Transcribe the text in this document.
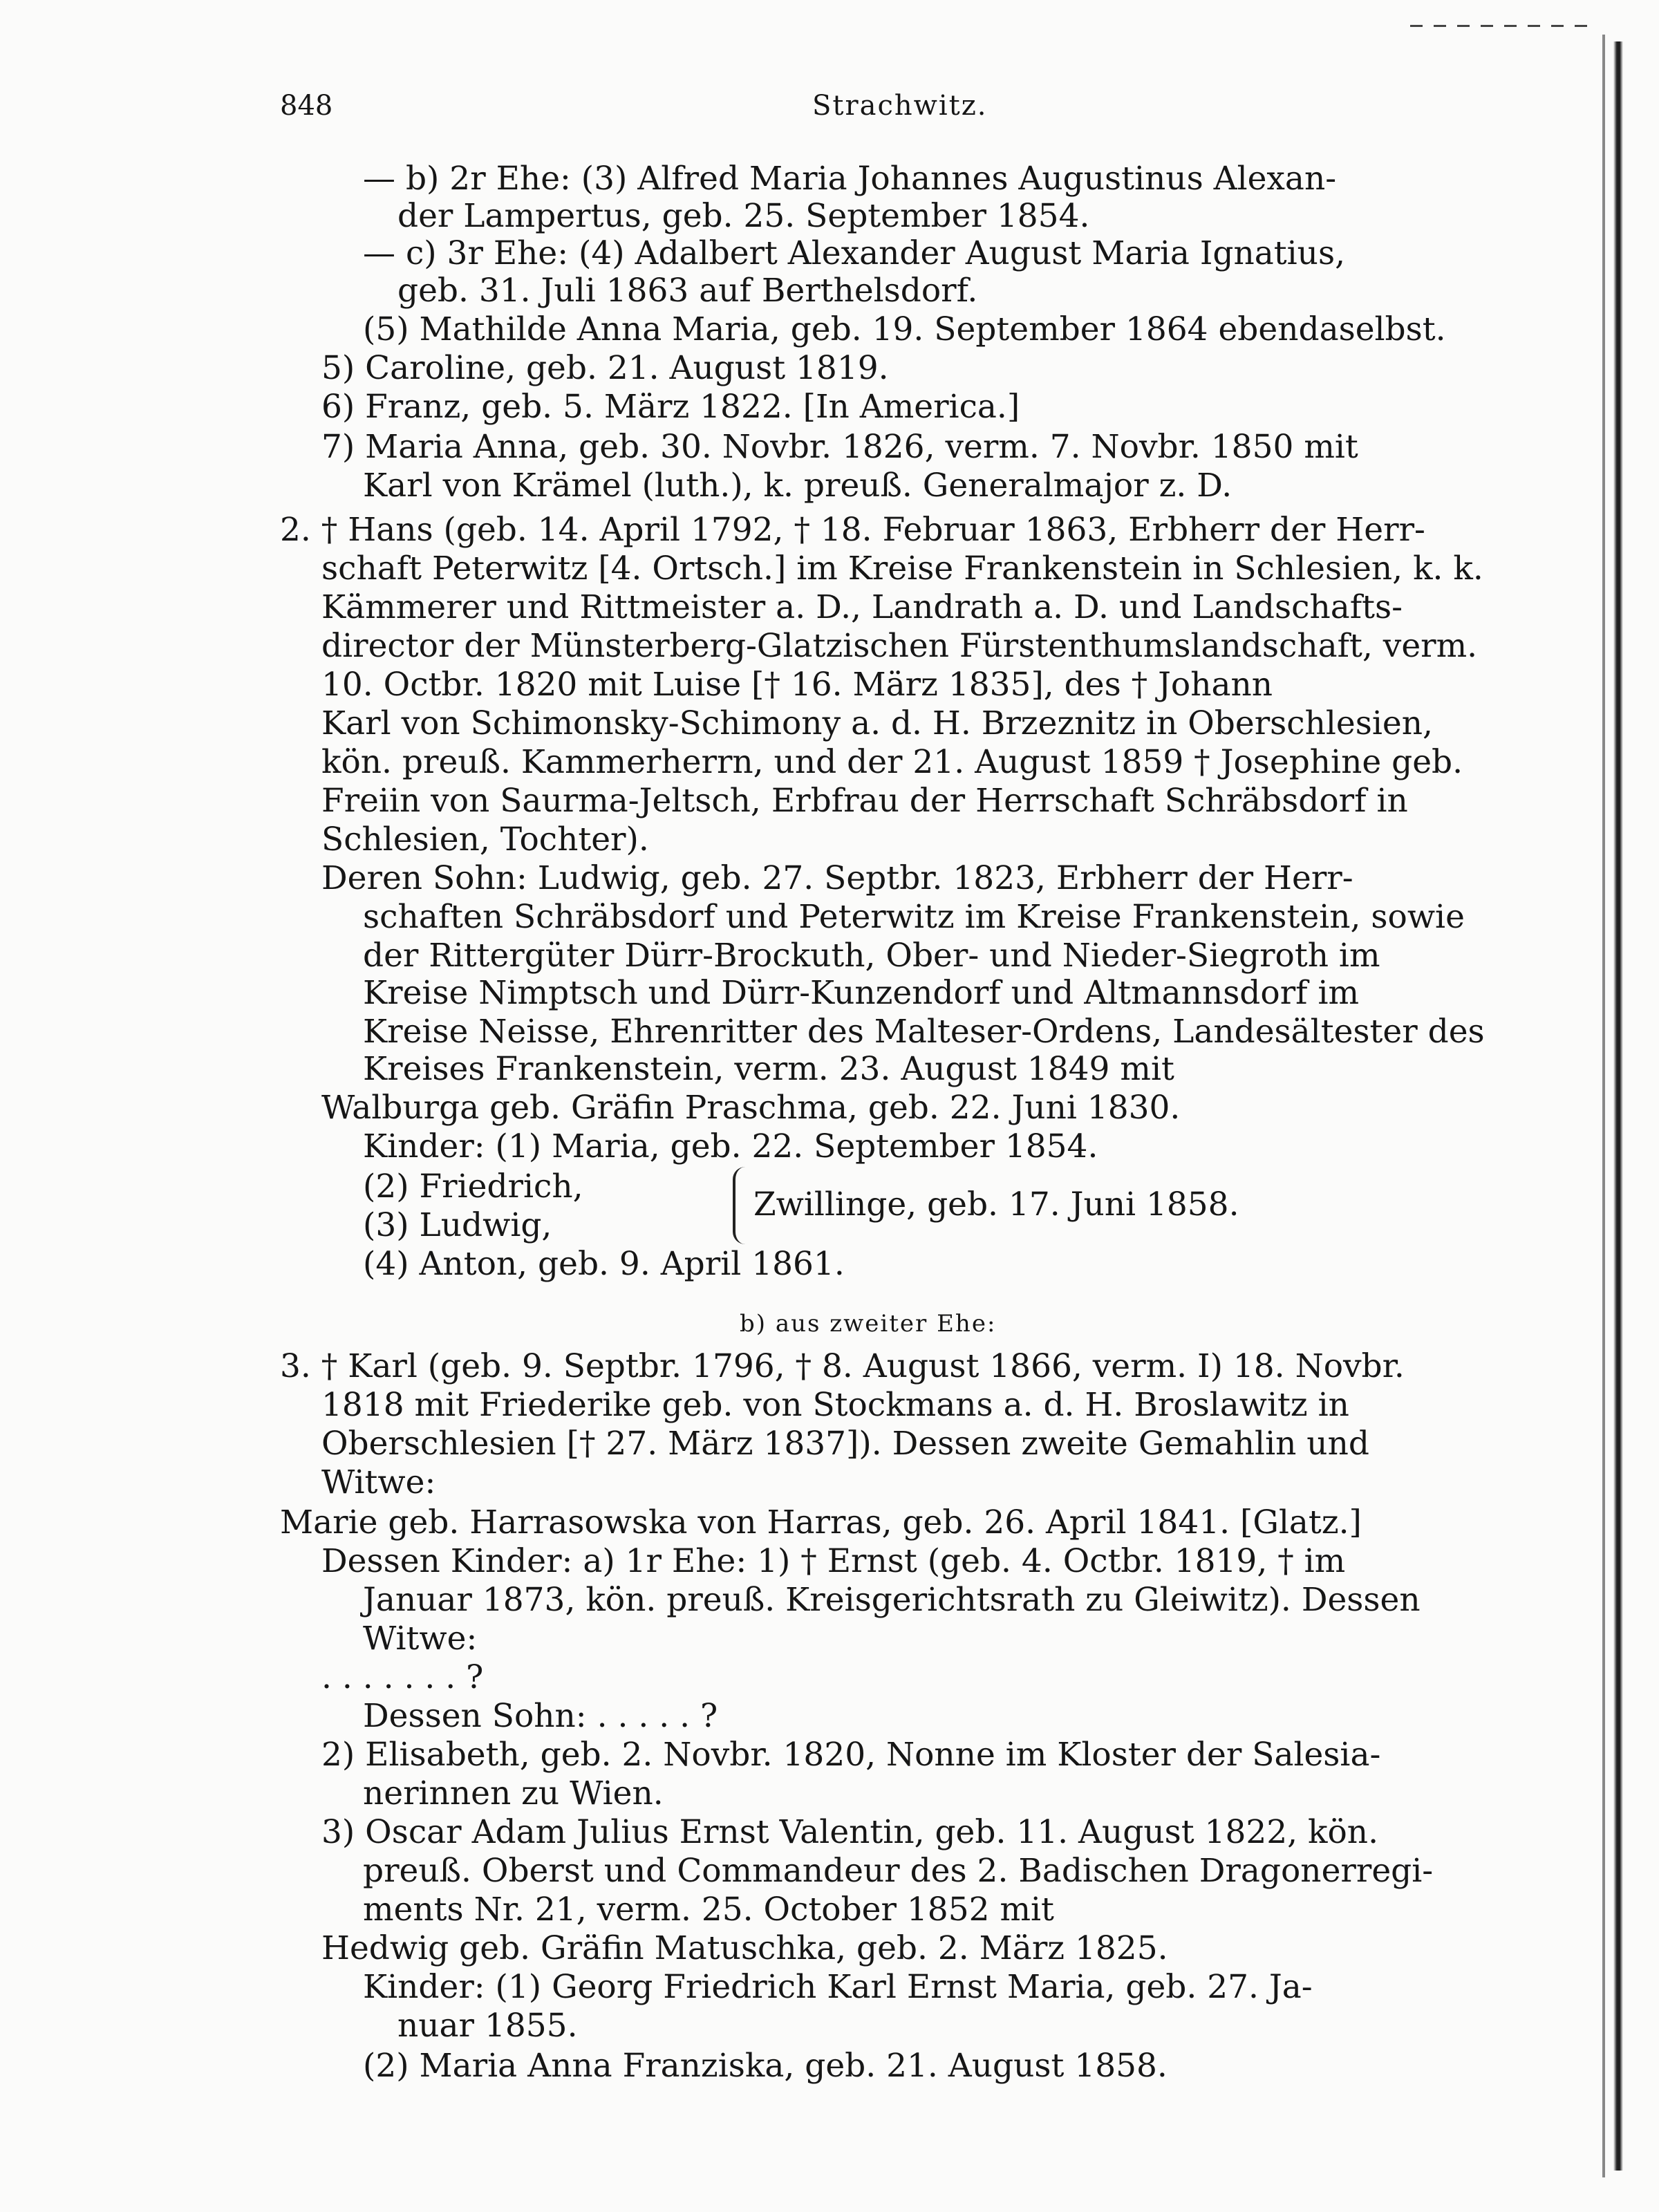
848	Strachwitz.
— b) 2r Ehe: (3) Alfred Maria Johannes Augustinus Alexan-
der Lampertus, geb. 25. September 1854.
— c) 3r Ehe: (4) Adalbert Alexander August Maria Ignatius,
geb. 31. Juli 1863 auf Berthelsdorf.
(5) Mathilde Anna Maria, geb. 19. September 1864 ebendaselbst.
5) Caroline, geb. 21. August 1819.
6) Franz, geb. 5. März 1822. [In America.]
7) Maria Anna, geb. 30. Novbr. 1826, verm. 7. Novbr. 1850 mit
Karl von Krämel (luth.), k. preuß. Generalmajor z. D.
2. † Hans (geb. 14. April 1792, † 18. Februar 1863, Erbherr der Herr-
schaft Peterwitz [4. Ortsch.] im Kreise Frankenstein in Schlesien, k. k.
Kämmerer und Rittmeister a. D., Landrath a. D. und Landschafts-
director der Münsterberg-Glatzischen Fürstenthumslandschaft, verm.
10. Octbr. 1820 mit Luise [† 16. März 1835], des † Johann
Karl von Schimonsky-Schimony a. d. H. Brzeznitz in Oberschlesien,
kön. preuß. Kammerherrn, und der 21. August 1859 † Josephine geb.
Freiin von Saurma-Jeltsch, Erbfrau der Herrschaft Schräbsdorf in
Schlesien, Tochter).
Deren Sohn: Ludwig, geb. 27. Septbr. 1823, Erbherr der Herr-
schaften Schräbsdorf und Peterwitz im Kreise Frankenstein, sowie
der Rittergüter Dürr-Brockuth, Ober- und Nieder-Siegroth im
Kreise Nimptsch und Dürr-Kunzendorf und Altmannsdorf im
Kreise Neisse, Ehrenritter des Malteser-Ordens, Landesältester des
Kreises Frankenstein, verm. 23. August 1849 mit
Walburga geb. Gräfin Praschma, geb. 22. Juni 1830.
Kinder: (1) Maria, geb. 22. September 1854.
(2) Friedrich,	Zwillinge, geb. 17. Juni 1858.
(3) Ludwig,
(4) Anton, geb. 9. April 1861.
b) aus zweiter Ehe:
3. † Karl (geb. 9. Septbr. 1796, † 8. August 1866, verm. I) 18. Novbr.
1818 mit Friederike geb. von Stockmans a. d. H. Broslawitz in
Oberschlesien [† 27. März 1837]). Dessen zweite Gemahlin und
Witwe:
Marie geb. Harrasowska von Harras, geb. 26. April 1841. [Glatz.]
Dessen Kinder: a) 1r Ehe: 1) † Ernst (geb. 4. Octbr. 1819, † im
Januar 1873, kön. preuß. Kreisgerichtsrath zu Gleiwitz). Dessen
Witwe:
. . . . . . . ?
Dessen Sohn: . . . . . ?
2) Elisabeth, geb. 2. Novbr. 1820, Nonne im Kloster der Salesia-
nerinnen zu Wien.
3) Oscar Adam Julius Ernst Valentin, geb. 11. August 1822, kön.
preuß. Oberst und Commandeur des 2. Badischen Dragonerregi-
ments Nr. 21, verm. 25. October 1852 mit
Hedwig geb. Gräfin Matuschka, geb. 2. März 1825.
Kinder: (1) Georg Friedrich Karl Ernst Maria, geb. 27. Ja-
nuar 1855.
(2) Maria Anna Franziska, geb. 21. August 1858.
